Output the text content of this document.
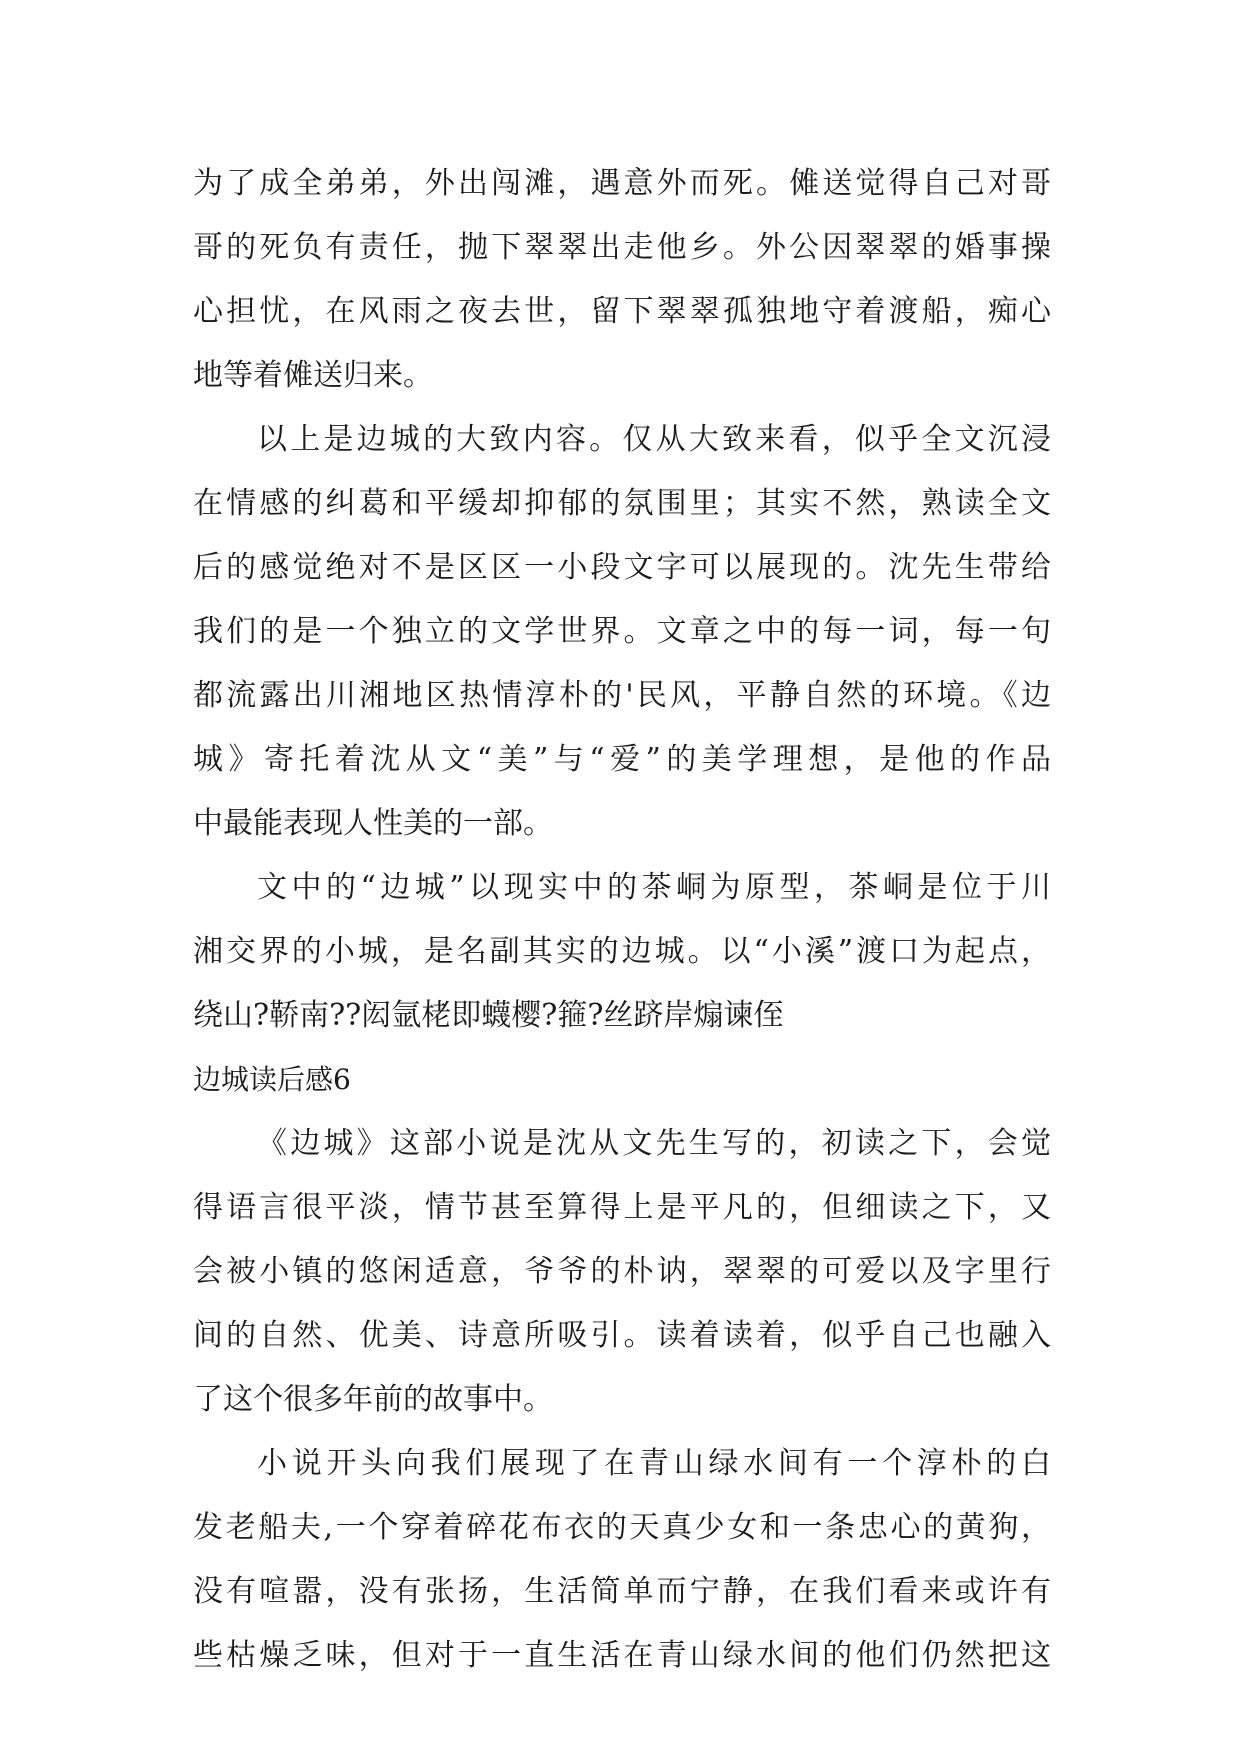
为了成全弟弟，外出闯滩，遇意外而死。傩送觉得自己对哥
哥的死负有责任，抛下翠翠出走他乡。外公因翠翠的婚事操
心担忧，在风雨之夜去世，留下翠翠孤独地守着渡船，痴心
地等着傩送归来。
以上是边城的大致内容。仅从大致来看，似乎全文沉浸
在情感的纠葛和平缓却抑郁的氛围里；其实不然，熟读全文
后的感觉绝对不是区区一小段文字可以展现的。沈先生带给
我们的是一个独立的文学世界。文章之中的每一词，每一句
都流露出川湘地区热情淳朴的'民风，平静自然的环境。《边
城》寄托着沈从文“美”与“爱”的美学理想，是他的作品
中最能表现人性美的一部。
文中的“边城”以现实中的茶峒为原型，茶峒是位于川
湘交界的小城，是名副其实的边城。以“小溪”渡口为起点，
绕山?鞒南??闳氩栳即蠛樱?箍?丝跻岸煽谏侄
边城读后感6
《边城》这部小说是沈从文先生写的，初读之下，会觉
得语言很平淡，情节甚至算得上是平凡的，但细读之下，又
会被小镇的悠闲适意，爷爷的朴讷，翠翠的可爱以及字里行
间的自然、优美、诗意所吸引。读着读着，似乎自己也融入
了这个很多年前的故事中。
小说开头向我们展现了在青山绿水间有一个淳朴的白
发老船夫,一个穿着碎花布衣的天真少女和一条忠心的黄狗，
没有喧嚣，没有张扬，生活简单而宁静，在我们看来或许有
些枯燥乏味，但对于一直生活在青山绿水间的他们仍然把这
